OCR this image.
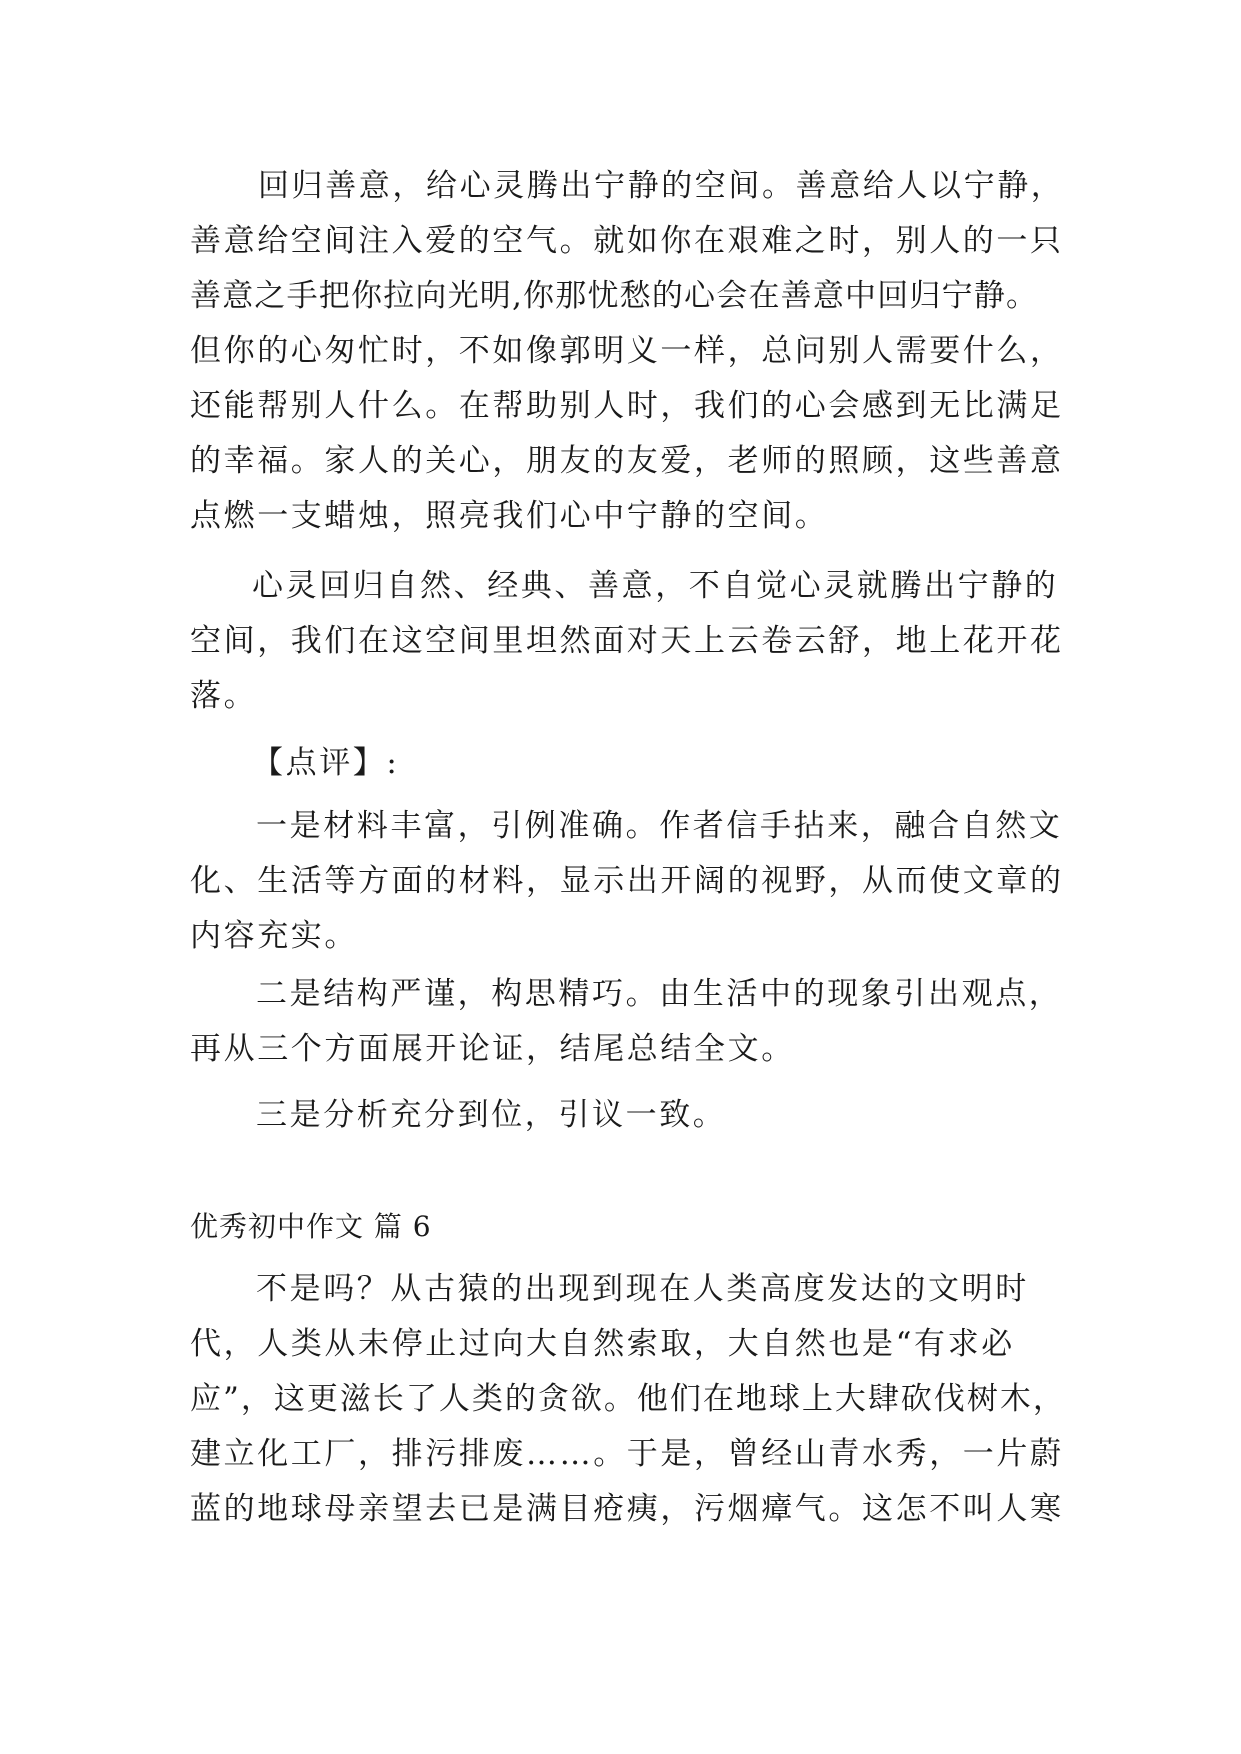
回归善意，给心灵腾出宁静的空间。善意给人以宁静，
善意给空间注入爱的空气。就如你在艰难之时，别人的一只
善意之手把你拉向光明,你那忧愁的心会在善意中回归宁静。
但你的心匆忙时，不如像郭明义一样，总问别人需要什么，
还能帮别人什么。在帮助别人时，我们的心会感到无比满足
的幸福。家人的关心，朋友的友爱，老师的照顾，这些善意
点燃一支蜡烛，照亮我们心中宁静的空间。
心灵回归自然、经典、善意，不自觉心灵就腾出宁静的
空间，我们在这空间里坦然面对天上云卷云舒，地上花开花
落。
【点评】:
一是材料丰富，引例准确。作者信手拈来，融合自然文
化、生活等方面的材料，显示出开阔的视野，从而使文章的
内容充实。
二是结构严谨，构思精巧。由生活中的现象引出观点，
再从三个方面展开论证，结尾总结全文。
三是分析充分到位，引议一致。
优秀初中作文 篇 6
不是吗？从古猿的出现到现在人类高度发达的文明时
代，人类从未停止过向大自然索取，大自然也是“有求必
应”，这更滋长了人类的贪欲。他们在地球上大肆砍伐树木，
建立化工厂，排污排废……。于是，曾经山青水秀，一片蔚
蓝的地球母亲望去已是满目疮痍，污烟瘴气。这怎不叫人寒
